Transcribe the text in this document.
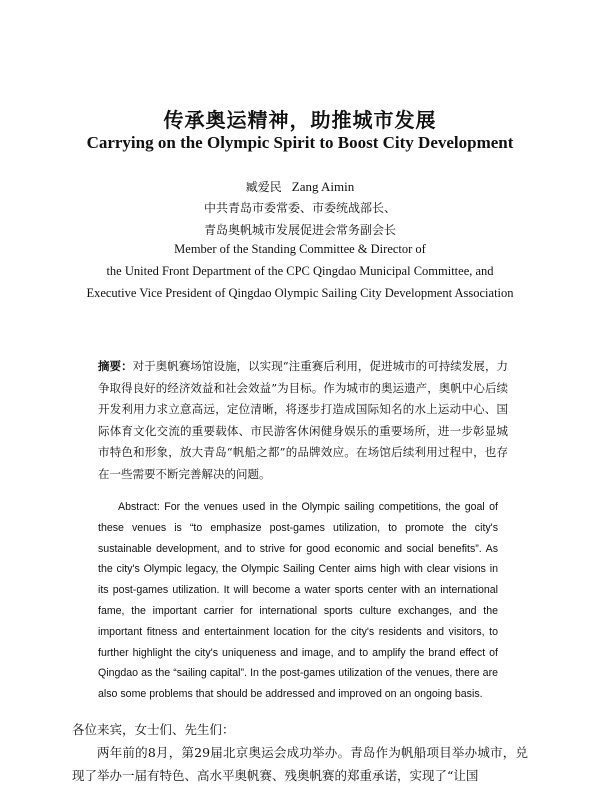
传承奥运精神，助推城市发展
Carrying on the Olympic Spirit to Boost City Development
臧爱民 Zang Aimin
中共青岛市委常委、市委统战部长、
青岛奥帆城市发展促进会常务副会长
Member of the Standing Committee & Director of
the United Front Department of the CPC Qingdao Municipal Committee, and
Executive Vice President of Qingdao Olympic Sailing City Development Association
摘要：对于奥帆赛场馆设施，以实现“注重赛后利用，促进城市的可持续发展，力争取得良好的经济效益和社会效益”为目标。作为城市的奥运遗产，奥帆中心后续开发利用力求立意高远，定位清晰，将逐步打造成国际知名的水上运动中心、国际体育文化交流的重要载体、市民游客休闲健身娱乐的重要场所，进一步彰显城市特色和形象，放大青岛“帆船之都”的品牌效应。在场馆后续利用过程中，也存在一些需要不断完善解决的问题。
Abstract: For the venues used in the Olympic sailing competitions, the goal of these venues is “to emphasize post-games utilization, to promote the city's sustainable development, and to strive for good economic and social benefits”. As the city's Olympic legacy, the Olympic Sailing Center aims high with clear visions in its post-games utilization. It will become a water sports center with an international fame, the important carrier for international sports culture exchanges, and the important fitness and entertainment location for the city's residents and visitors, to further highlight the city's uniqueness and image, and to amplify the brand effect of Qingdao as the “sailing capital”. In the post-games utilization of the venues, there are also some problems that should be addressed and improved on an ongoing basis.
各位来宾，女士们、先生们：
两年前的8月，第29届北京奥运会成功举办。青岛作为帆船项目举办城市，兑现了举办一届有特色、高水平奥帆赛、残奥帆赛的郑重承诺，实现了“让国
